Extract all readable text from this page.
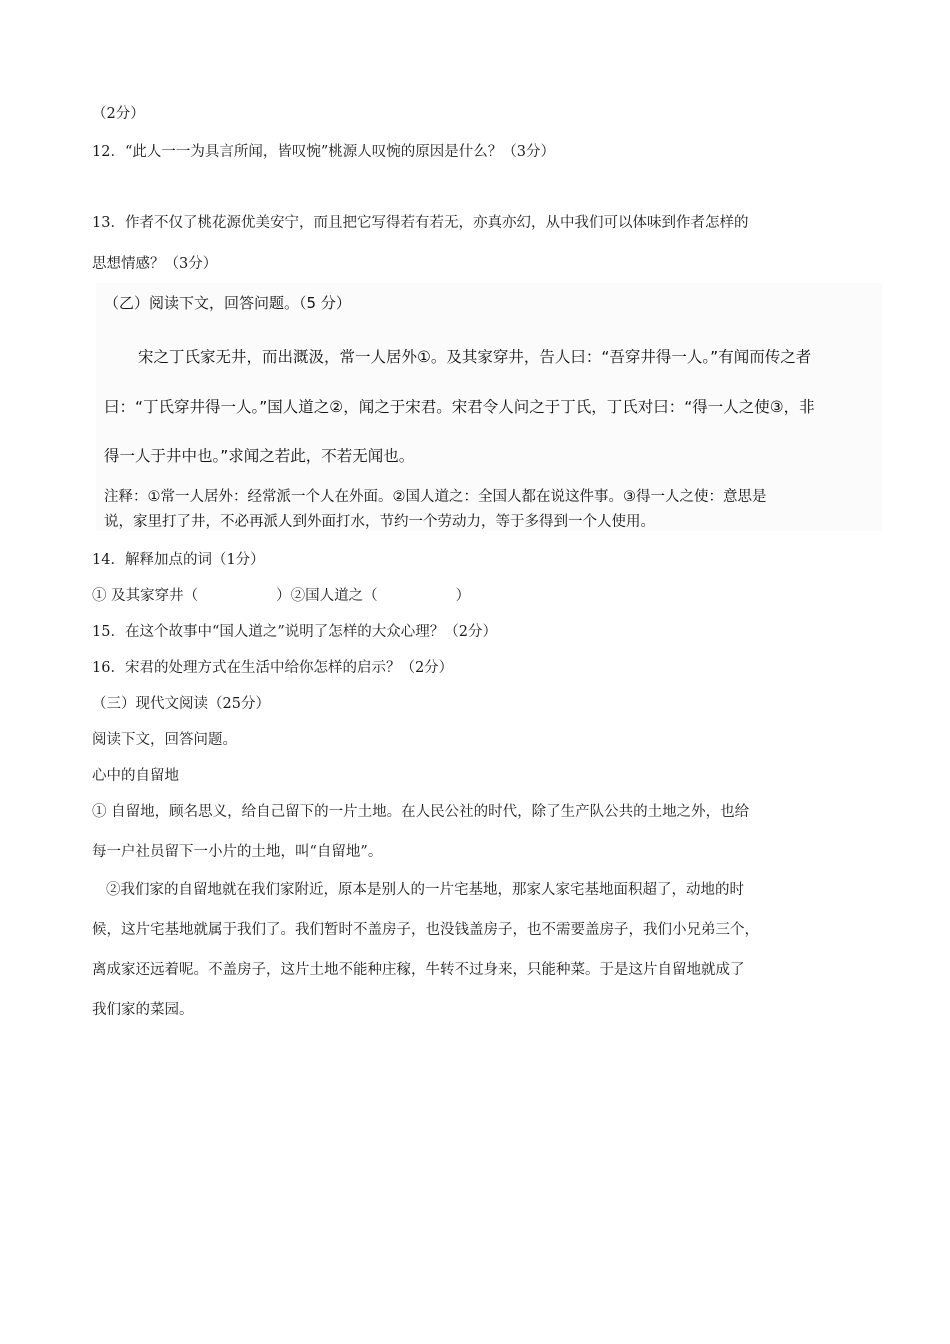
（2分）
12．“此人一一为具言所闻，皆叹惋”桃源人叹惋的原因是什么？（3分）
13．作者不仅了桃花源优美安宁，而且把它写得若有若无，亦真亦幻，从中我们可以体味到作者怎样的
思想情感？（3分）
（乙）阅读下文，回答问题。（5 分）
宋之丁氏家无井，而出溉汲，常一人居外①。及其家穿井，告人曰：“吾穿井得一人。”有闻而传之者
曰：“丁氏穿井得一人。”国人道之②，闻之于宋君。宋君令人问之于丁氏，丁氏对曰：“得一人之使③，非
得一人于井中也。”求闻之若此，不若无闻也。
注释：①常一人居外：经常派一个人在外面。②国人道之：全国人都在说这件事。③得一人之使：意思是
说，家里打了井，不必再派人到外面打水，节约一个劳动力，等于多得到一个人使用。
14．解释加点的词（1分）
① 及其家穿井（	）②国人道之（	）
15．在这个故事中“国人道之”说明了怎样的大众心理？（2分）
16．宋君的处理方式在生活中给你怎样的启示？（2分）
（三）现代文阅读（25分）
阅读下文，回答问题。
心中的自留地
① 自留地，顾名思义，给自己留下的一片土地。在人民公社的时代，除了生产队公共的土地之外，也给
每一户社员留下一小片的土地，叫“自留地”。
②我们家的自留地就在我们家附近，原本是别人的一片宅基地，那家人家宅基地面积超了，动地的时
候，这片宅基地就属于我们了。我们暂时不盖房子，也没钱盖房子，也不需要盖房子，我们小兄弟三个，
离成家还远着呢。不盖房子，这片土地不能种庄稼，牛转不过身来，只能种菜。于是这片自留地就成了
我们家的菜园。
